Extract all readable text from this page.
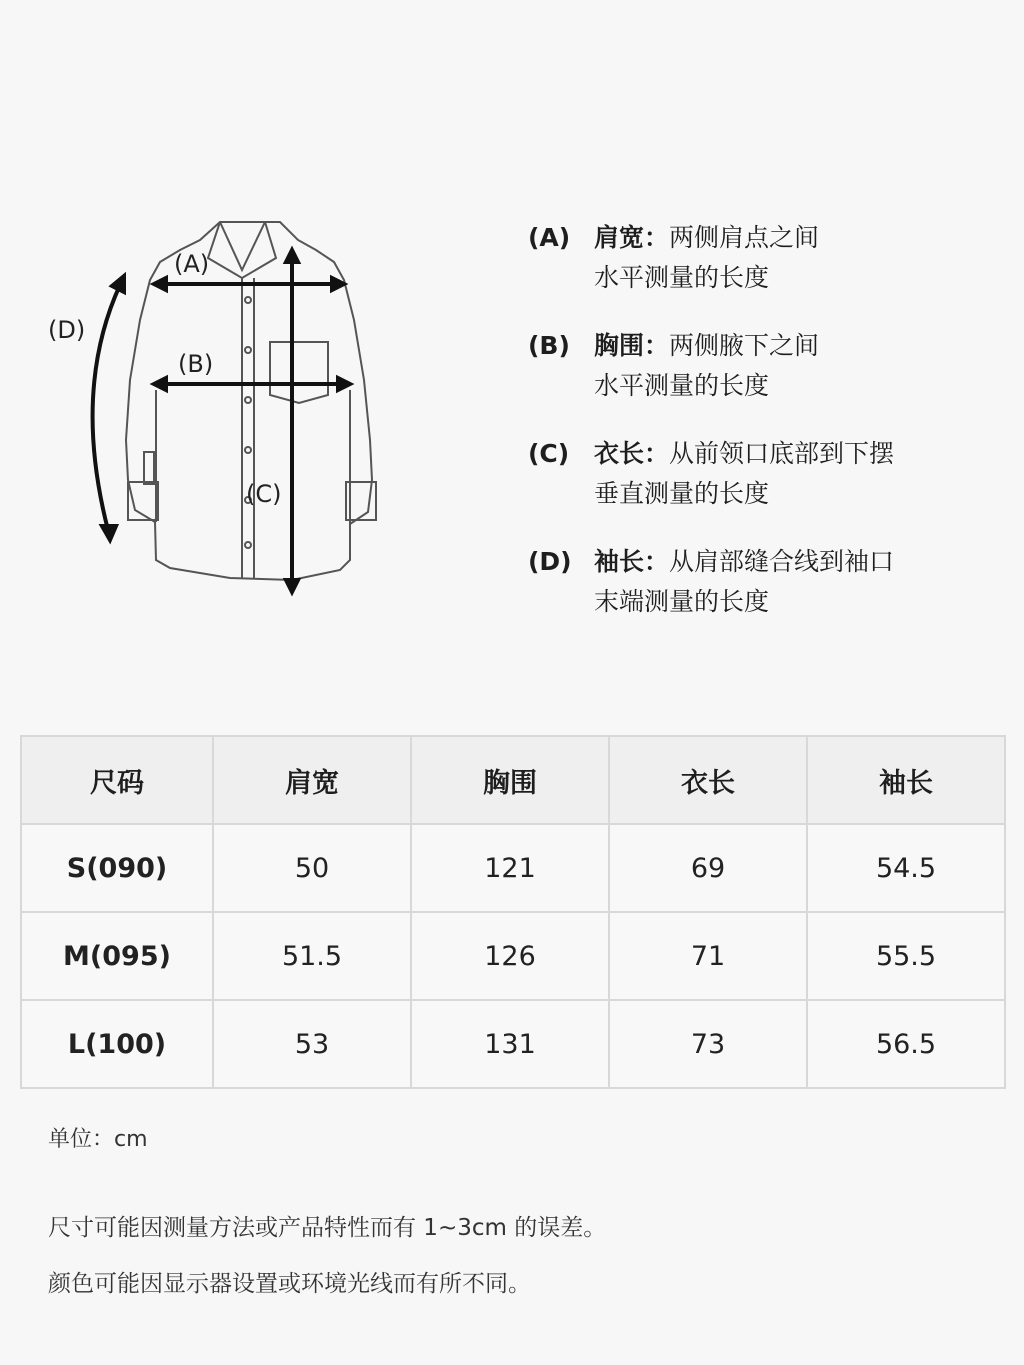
(A)
(B)
(C)
(D)
(A) 肩宽：两侧肩点之间
水平测量的长度
(B) 胸围：两侧腋下之间
水平测量的长度
(C) 衣长：从前领口底部到下摆
垂直测量的长度
(D) 袖长：从肩部缝合线到袖口
末端测量的长度
尺码	肩宽	胸围	衣长	袖长
S(090)	50	121	69	54.5
M(095)	51.5	126	71	55.5
L(100)	53	131	73	56.5
单位：cm
尺寸可能因测量方法或产品特性而有 1~3cm 的误差。
颜色可能因显示器设置或环境光线而有所不同。
